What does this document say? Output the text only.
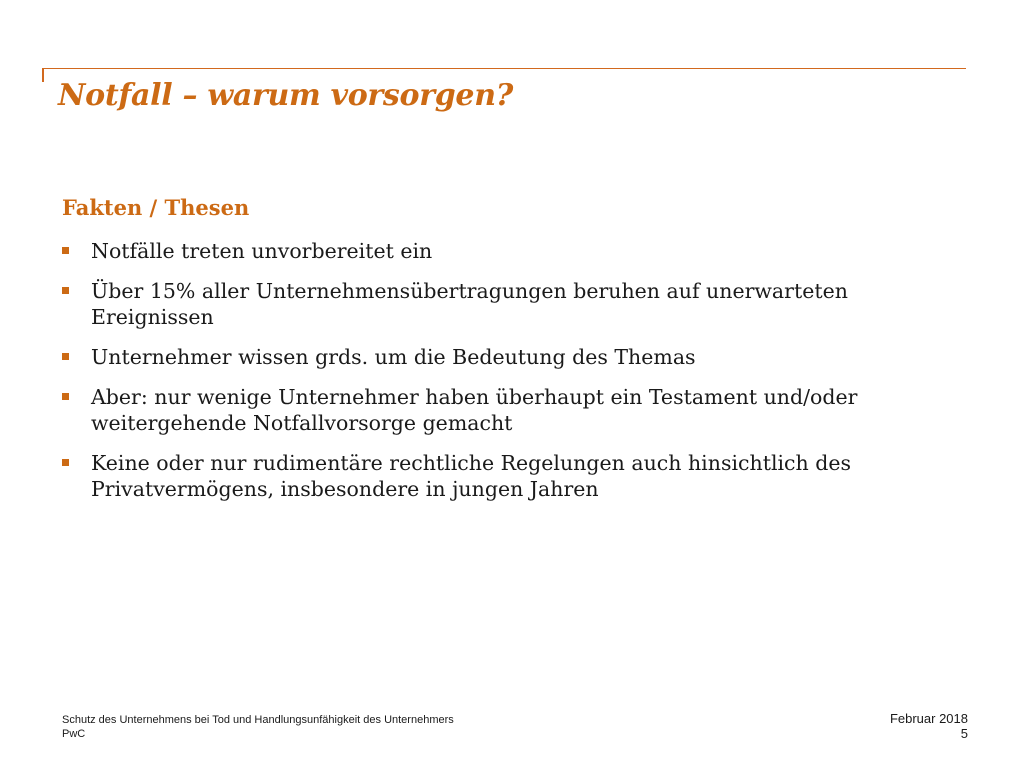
Notfall – warum vorsorgen?
Fakten / Thesen
Notfälle treten unvorbereitet ein
Über 15% aller Unternehmensübertragungen beruhen auf unerwarteten Ereignissen
Unternehmer wissen grds. um die Bedeutung des Themas
Aber: nur wenige Unternehmer haben überhaupt ein Testament und/oder weitergehende Notfallvorsorge gemacht
Keine oder nur rudimentäre rechtliche Regelungen auch hinsichtlich des Privatvermögens, insbesondere in jungen Jahren
Schutz des Unternehmens bei Tod und Handlungsunfähigkeit des Unternehmers
PwC
Februar 2018
5
